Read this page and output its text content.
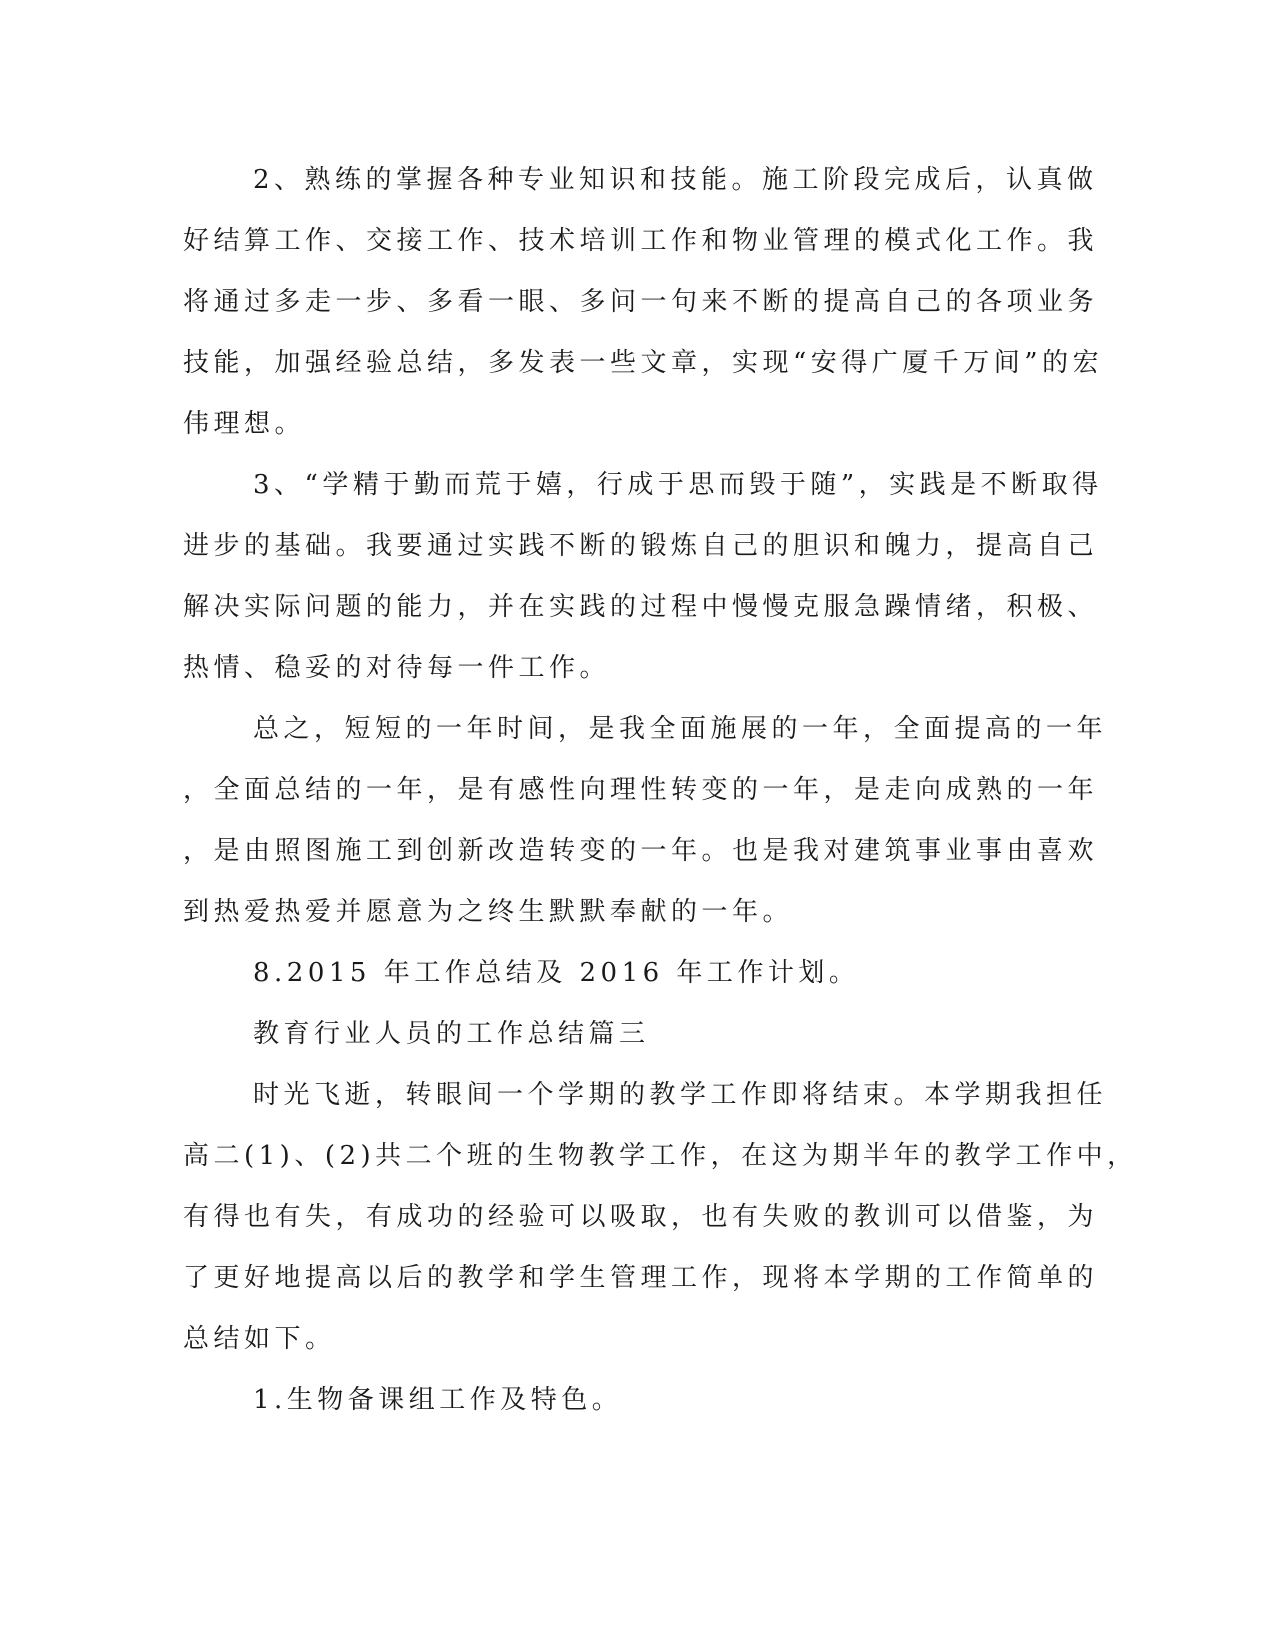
2、熟练的掌握各种专业知识和技能。施工阶段完成后，认真做
好结算工作、交接工作、技术培训工作和物业管理的模式化工作。我
将通过多走一步、多看一眼、多问一句来不断的提高自己的各项业务
技能，加强经验总结，多发表一些文章，实现“安得广厦千万间”的宏
伟理想。
3、“学精于勤而荒于嬉，行成于思而毁于随”，实践是不断取得
进步的基础。我要通过实践不断的锻炼自己的胆识和魄力，提高自己
解决实际问题的能力，并在实践的过程中慢慢克服急躁情绪，积极、
热情、稳妥的对待每一件工作。
总之，短短的一年时间，是我全面施展的一年，全面提高的一年
，全面总结的一年，是有感性向理性转变的一年，是走向成熟的一年
，是由照图施工到创新改造转变的一年。也是我对建筑事业事由喜欢
到热爱热爱并愿意为之终生默默奉献的一年。
8.2015 年工作总结及 2016 年工作计划。
教育行业人员的工作总结篇三
时光飞逝，转眼间一个学期的教学工作即将结束。本学期我担任
高二(1)、(2)共二个班的生物教学工作，在这为期半年的教学工作中，
有得也有失，有成功的经验可以吸取，也有失败的教训可以借鉴，为
了更好地提高以后的教学和学生管理工作，现将本学期的工作简单的
总结如下。
1.生物备课组工作及特色。
